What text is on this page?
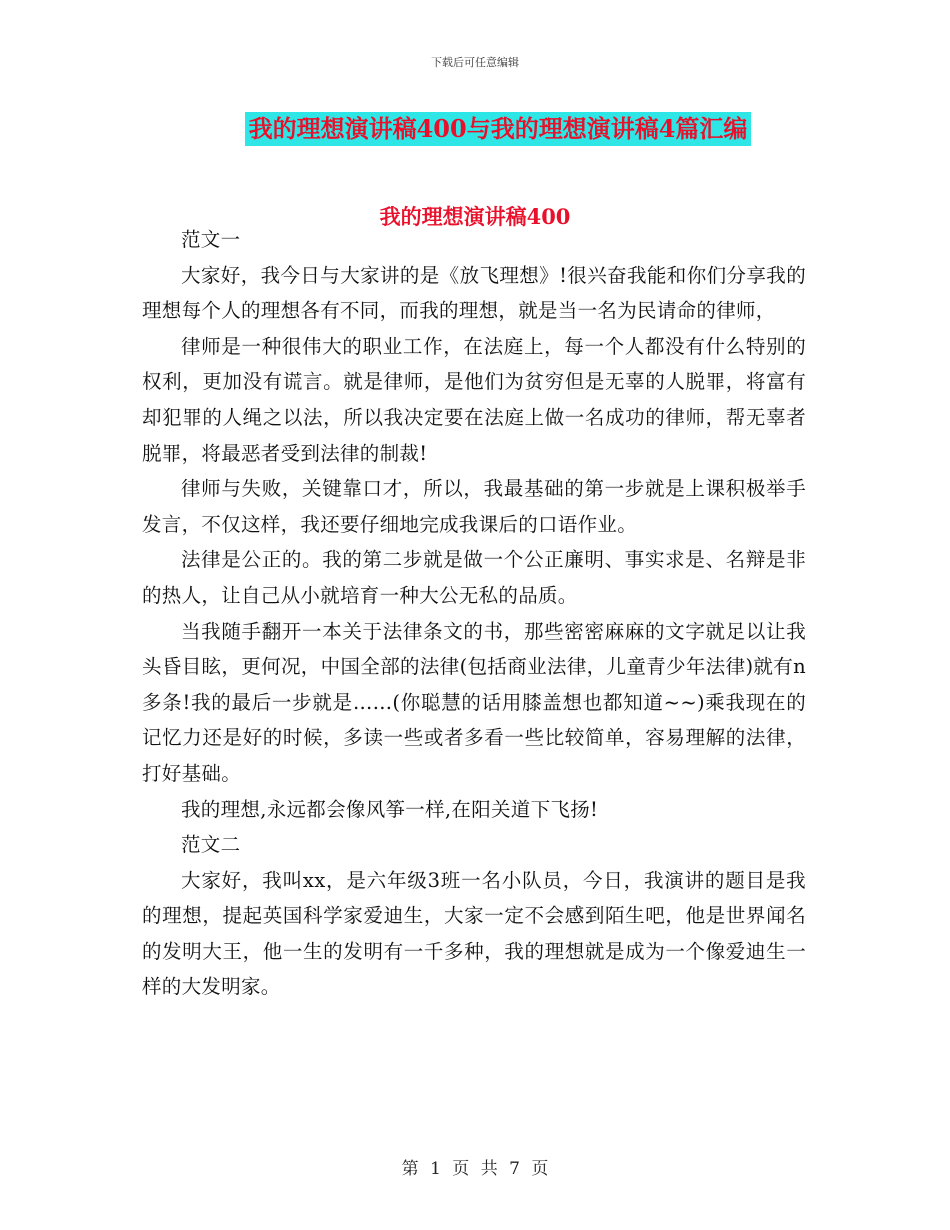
下载后可任意编辑
我的理想演讲稿400与我的理想演讲稿4篇汇编
我的理想演讲稿400

范文一

大家好，我今日与大家讲的是《放飞理想》!很兴奋我能和你们分享我的理想每个人的理想各有不同，而我的理想，就是当一名为民请命的律师，

律师是一种很伟大的职业工作，在法庭上，每一个人都没有什么特别的权利，更加没有谎言。就是律师，是他们为贫穷但是无辜的人脱罪，将富有却犯罪的人绳之以法，所以我决定要在法庭上做一名成功的律师，帮无辜者脱罪，将最恶者受到法律的制裁!

律师与失败，关键靠口才，所以，我最基础的第一步就是上课积极举手发言，不仅这样，我还要仔细地完成我课后的口语作业。

法律是公正的。我的第二步就是做一个公正廉明、事实求是、名辩是非的热人，让自己从小就培育一种大公无私的品质。

当我随手翻开一本关于法律条文的书，那些密密麻麻的文字就足以让我头昏目眩，更何况，中国全部的法律(包括商业法律，儿童青少年法律)就有n多条!我的最后一步就是……(你聪慧的话用膝盖想也都知道~~)乘我现在的记忆力还是好的时候，多读一些或者多看一些比较简单，容易理解的法律，打好基础。

我的理想,永远都会像风筝一样,在阳关道下飞扬!

范文二

大家好，我叫xx，是六年级3班一名小队员，今日，我演讲的题目是我的理想，提起英国科学家爱迪生，大家一定不会感到陌生吧，他是世界闻名的发明大王，他一生的发明有一千多种，我的理想就是成为一个像爱迪生一样的大发明家。

第 1 页 共 7 页
